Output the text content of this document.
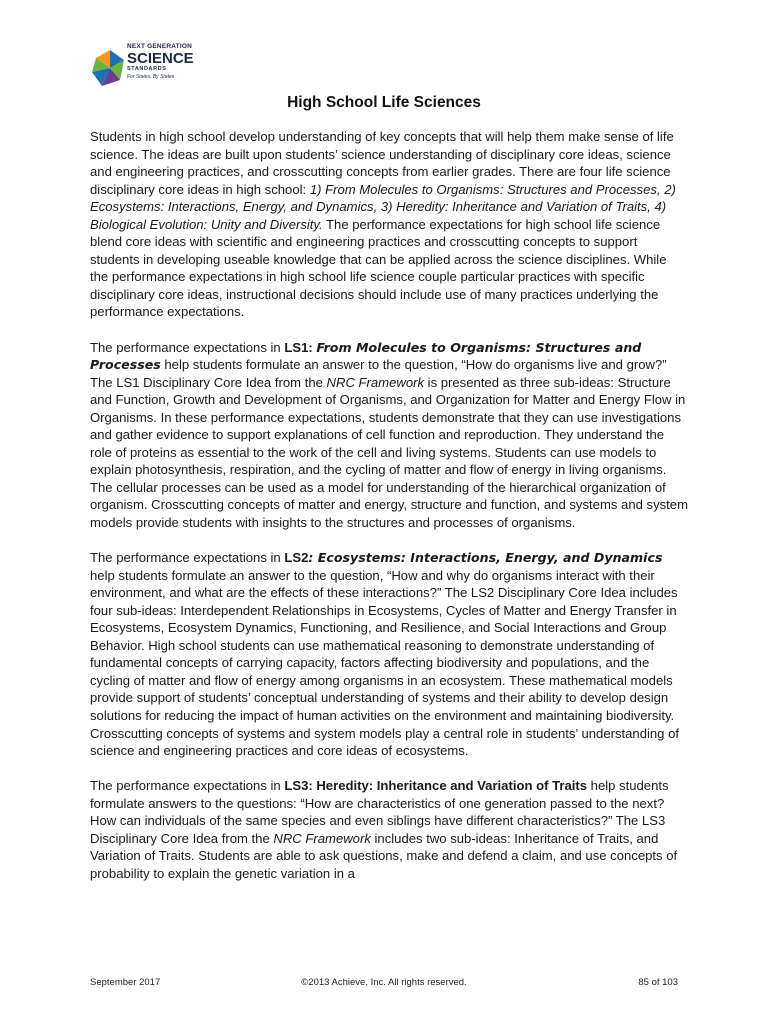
NEXT GENERATION
SCIENCE
STANDARDS
For States, By States
High School Life Sciences

Students in high school develop understanding of key concepts that will help them make sense of life science. The ideas are built upon students’ science understanding of disciplinary core ideas, science and engineering practices, and crosscutting concepts from earlier grades. There are four life science disciplinary core ideas in high school: 1) From Molecules to Organisms: Structures and Processes, 2) Ecosystems: Interactions, Energy, and Dynamics, 3) Heredity: Inheritance and Variation of Traits, 4) Biological Evolution: Unity and Diversity. The performance expectations for high school life science blend core ideas with scientific and engineering practices and crosscutting concepts to support students in developing useable knowledge that can be applied across the science disciplines. While the performance expectations in high school life science couple particular practices with specific disciplinary core ideas, instructional decisions should include use of many practices underlying the performance expectations.

The performance expectations in LS1: From Molecules to Organisms: Structures and Processes help students formulate an answer to the question, “How do organisms live and grow?” The LS1 Disciplinary Core Idea from the NRC Framework is presented as three sub-ideas: Structure and Function, Growth and Development of Organisms, and Organization for Matter and Energy Flow in Organisms. In these performance expectations, students demonstrate that they can use investigations and gather evidence to support explanations of cell function and reproduction. They understand the role of proteins as essential to the work of the cell and living systems. Students can use models to explain photosynthesis, respiration, and the cycling of matter and flow of energy in living organisms. The cellular processes can be used as a model for understanding of the hierarchical organization of organism. Crosscutting concepts of matter and energy, structure and function, and systems and system models provide students with insights to the structures and processes of organisms.

The performance expectations in LS2: Ecosystems: Interactions, Energy, and Dynamics help students formulate an answer to the question, “How and why do organisms interact with their environment, and what are the effects of these interactions?” The LS2 Disciplinary Core Idea includes four sub-ideas: Interdependent Relationships in Ecosystems, Cycles of Matter and Energy Transfer in Ecosystems, Ecosystem Dynamics, Functioning, and Resilience, and Social Interactions and Group Behavior. High school students can use mathematical reasoning to demonstrate understanding of fundamental concepts of carrying capacity, factors affecting biodiversity and populations, and the cycling of matter and flow of energy among organisms in an ecosystem. These mathematical models provide support of students’ conceptual understanding of systems and their ability to develop design solutions for reducing the impact of human activities on the environment and maintaining biodiversity. Crosscutting concepts of systems and system models play a central role in students’ understanding of science and engineering practices and core ideas of ecosystems.

The performance expectations in LS3: Heredity: Inheritance and Variation of Traits help students formulate answers to the questions: “How are characteristics of one generation passed to the next? How can individuals of the same species and even siblings have different characteristics?” The LS3 Disciplinary Core Idea from the NRC Framework includes two sub-ideas: Inheritance of Traits, and Variation of Traits. Students are able to ask questions, make and defend a claim, and use concepts of probability to explain the genetic variation in a

September 2017	©2013 Achieve, Inc. All rights reserved.	85 of 103
